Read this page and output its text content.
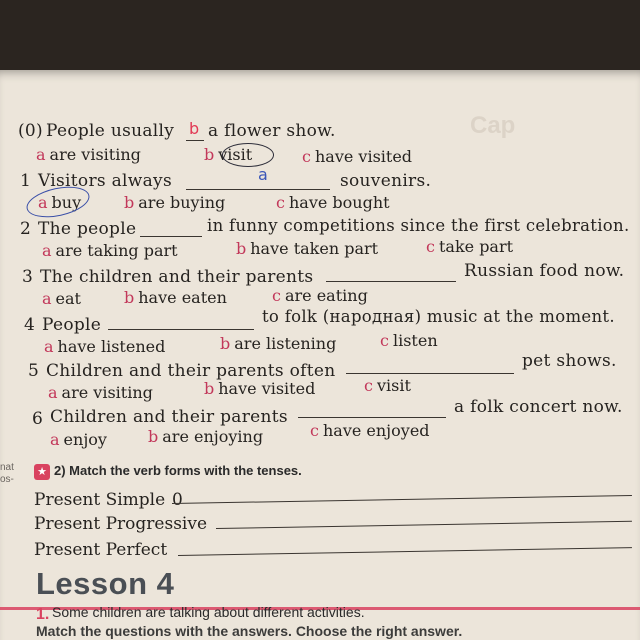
Cap
nat
os-
(0) People usually b a flower show.
a are visiting	b visit	c have visited
1 Visitors always	a	souvenirs.
a buy	b are buying	c have bought
2 The people	in funny competitions since the first celebration.
a are taking part	b have taken part	c take part
3 The children and their parents	Russian food now.
a eat	b have eaten	c are eating
4 People	to folk (народная) music at the moment.
a have listened	b are listening	c listen
5 Children and their parents often	pet shows.
a are visiting	b have visited	c visit
6 Children and their parents	a folk concert now.
a enjoy	b are enjoying	c have enjoyed
★ 2) Match the verb forms with the tenses.
Present Simple 0
Present Progressive
Present Perfect
Lesson 4
1. Some children are talking about different activities.
Match the questions with the answers. Choose the right answer.
